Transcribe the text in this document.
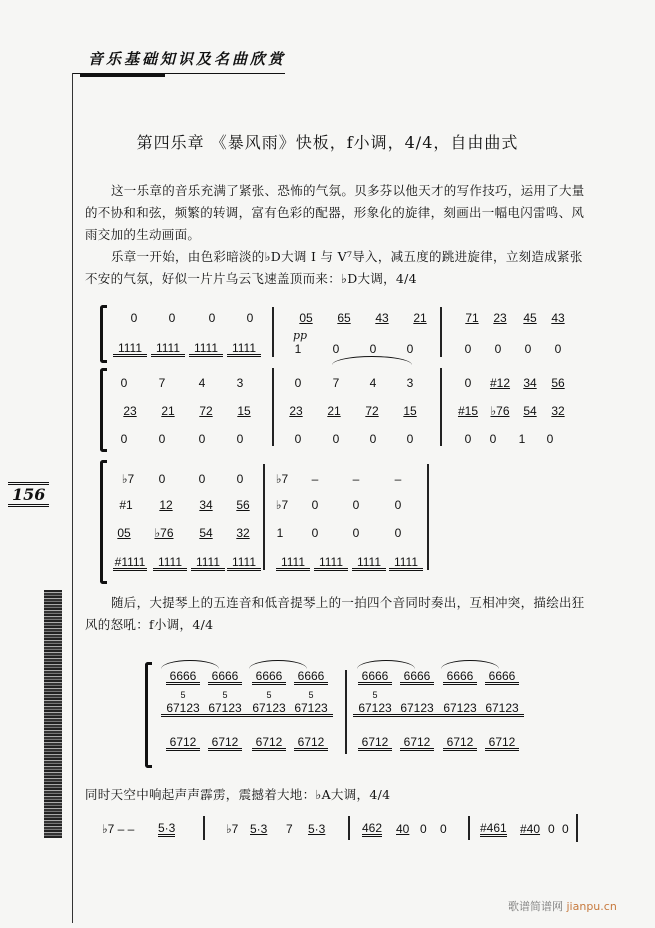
音乐基础知识及名曲欣赏
第四乐章 《暴风雨》快板，f小调，4/4，自由曲式
这一乐章的音乐充满了紧张、恐怖的气氛。贝多芬以他天才的写作技巧，运用了大量的不协和和弦，频繁的转调，富有色彩的配器，形象化的旋律，刻画出一幅电闪雷鸣、风雨交加的生动画面。
乐章一开始，由色彩暗淡的♭D大调 Ⅰ 与 Ⅴ⁷导入，减五度的跳进旋律，立刻造成紧张不安的气氛，好似一片片乌云飞速盖顶而来：♭D大调，4/4
0	0	0	0	05	65	43	21	71	23	45	43
pp
1111	1111	1111	1111	1	0	0	0	0	0	0	0
0	7	4	3	0	7	4	3	0	#12	34	56
23	21	72	15	23	21	72	15	#15	♭76	54	32
0	0	0	0	0	0	0	0	0	0	1	0
156
♭7	0	0	0	♭7	–	–	–
#1	12	34	56	♭7	0	0	0
05	♭76	54	32	1	0	0	0
#1111	1111	1111 1111	1111	1111	1111	1111
随后，大提琴上的五连音和低音提琴上的一拍四个音同时奏出，互相冲突，描绘出狂风的怒吼：f小调，4/4
6666	6666	6666	6666	6666	6666	6666	6666
5	5	5	5	5
67123 67123 67123 67123	67123 67123 67123 67123
6712	6712	6712	6712	6712	6712	6712	6712
同时天空中响起声声霹雳，震撼着大地：♭A大调，4/4
♭7 – – 5·3	♭7 5·3 7 5·3	462 40 0 0	#461 #40 0 0
歌谱简谱网 jianpu.cn
